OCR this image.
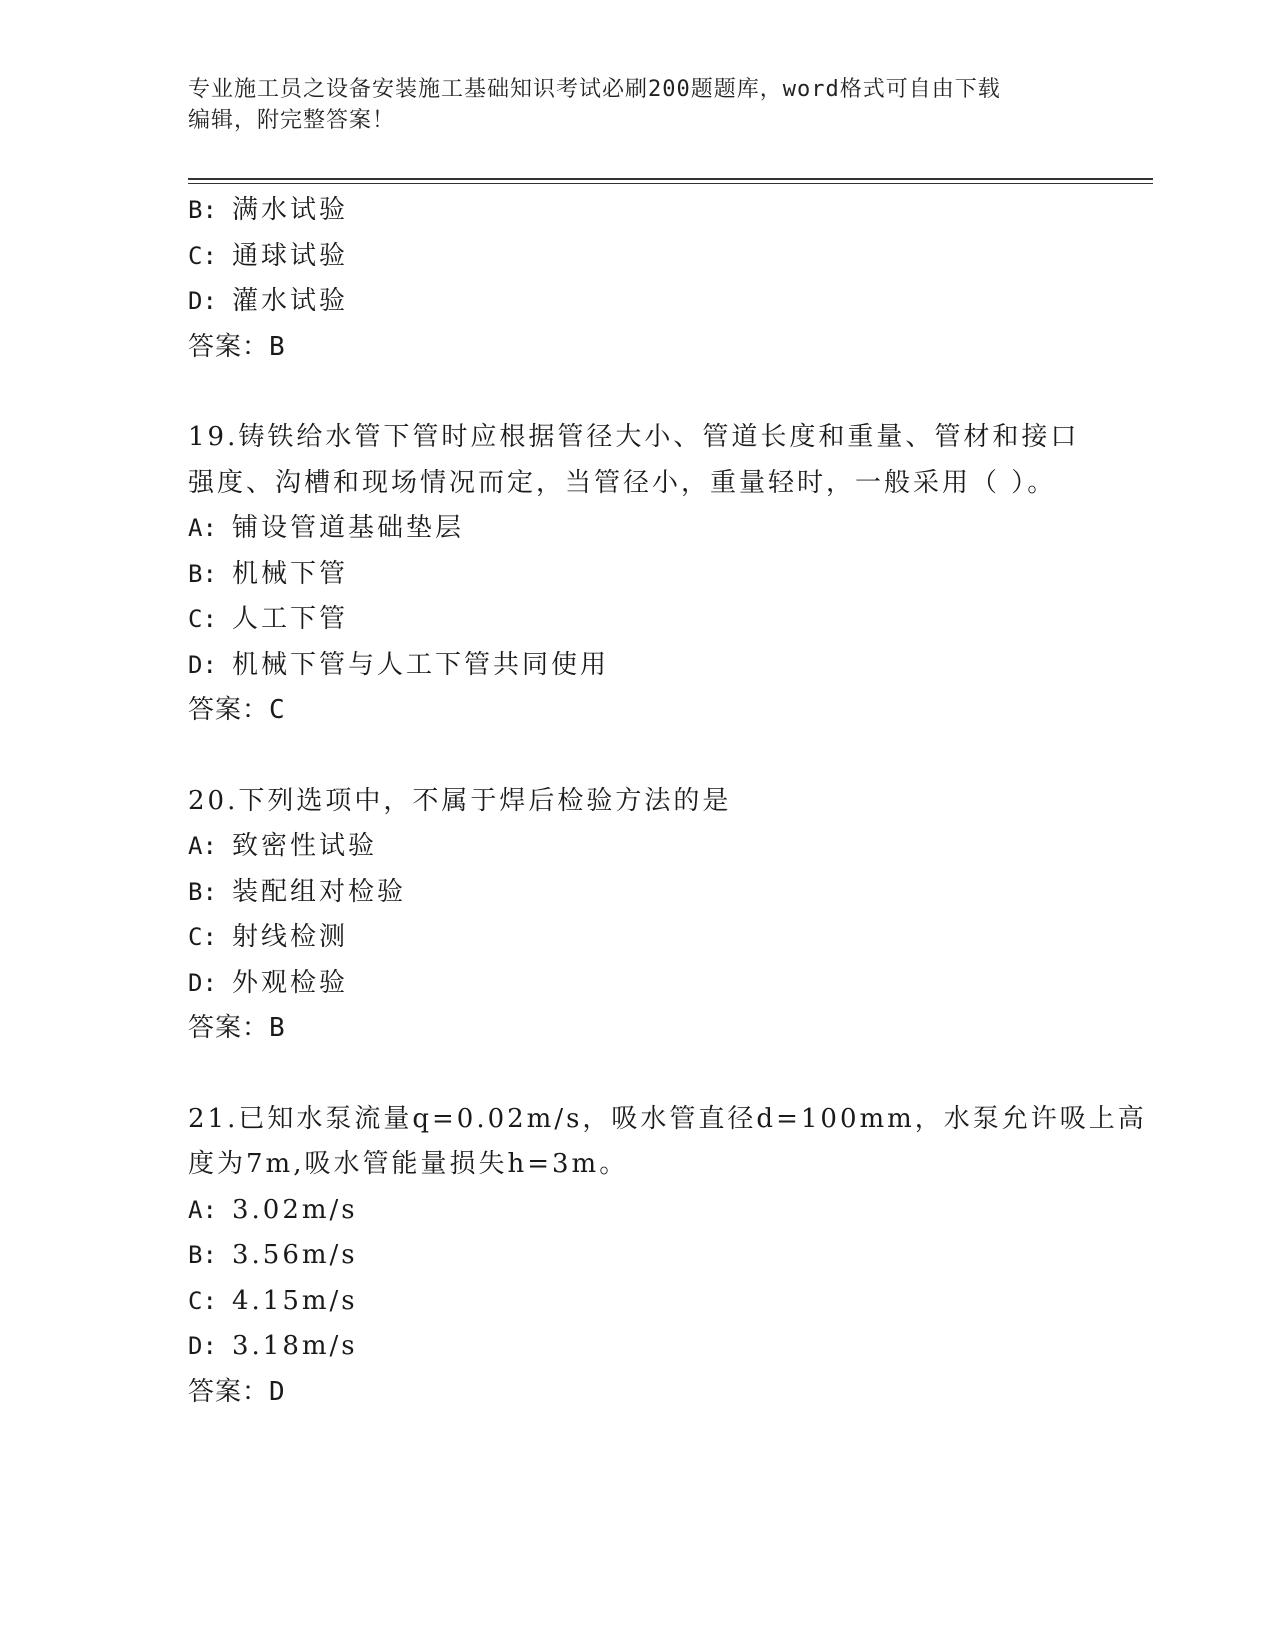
专业施工员之设备安装施工基础知识考试必刷200题题库，word格式可自由下载
编辑，附完整答案！
B: 满水试验
C: 通球试验
D: 灌水试验
答案：B
19.铸铁给水管下管时应根据管径大小、管道长度和重量、管材和接口
强度、沟槽和现场情况而定，当管径小，重量轻时，一般采用（ ）。
A: 铺设管道基础垫层
B: 机械下管
C: 人工下管
D: 机械下管与人工下管共同使用
答案：C
20.下列选项中，不属于焊后检验方法的是
A: 致密性试验
B: 装配组对检验
C: 射线检测
D: 外观检验
答案：B
21.已知水泵流量q=0.02m/s，吸水管直径d=100mm，水泵允许吸上高
度为7m,吸水管能量损失h=3m。
A: 3.02m/s
B: 3.56m/s
C: 4.15m/s
D: 3.18m/s
答案：D
